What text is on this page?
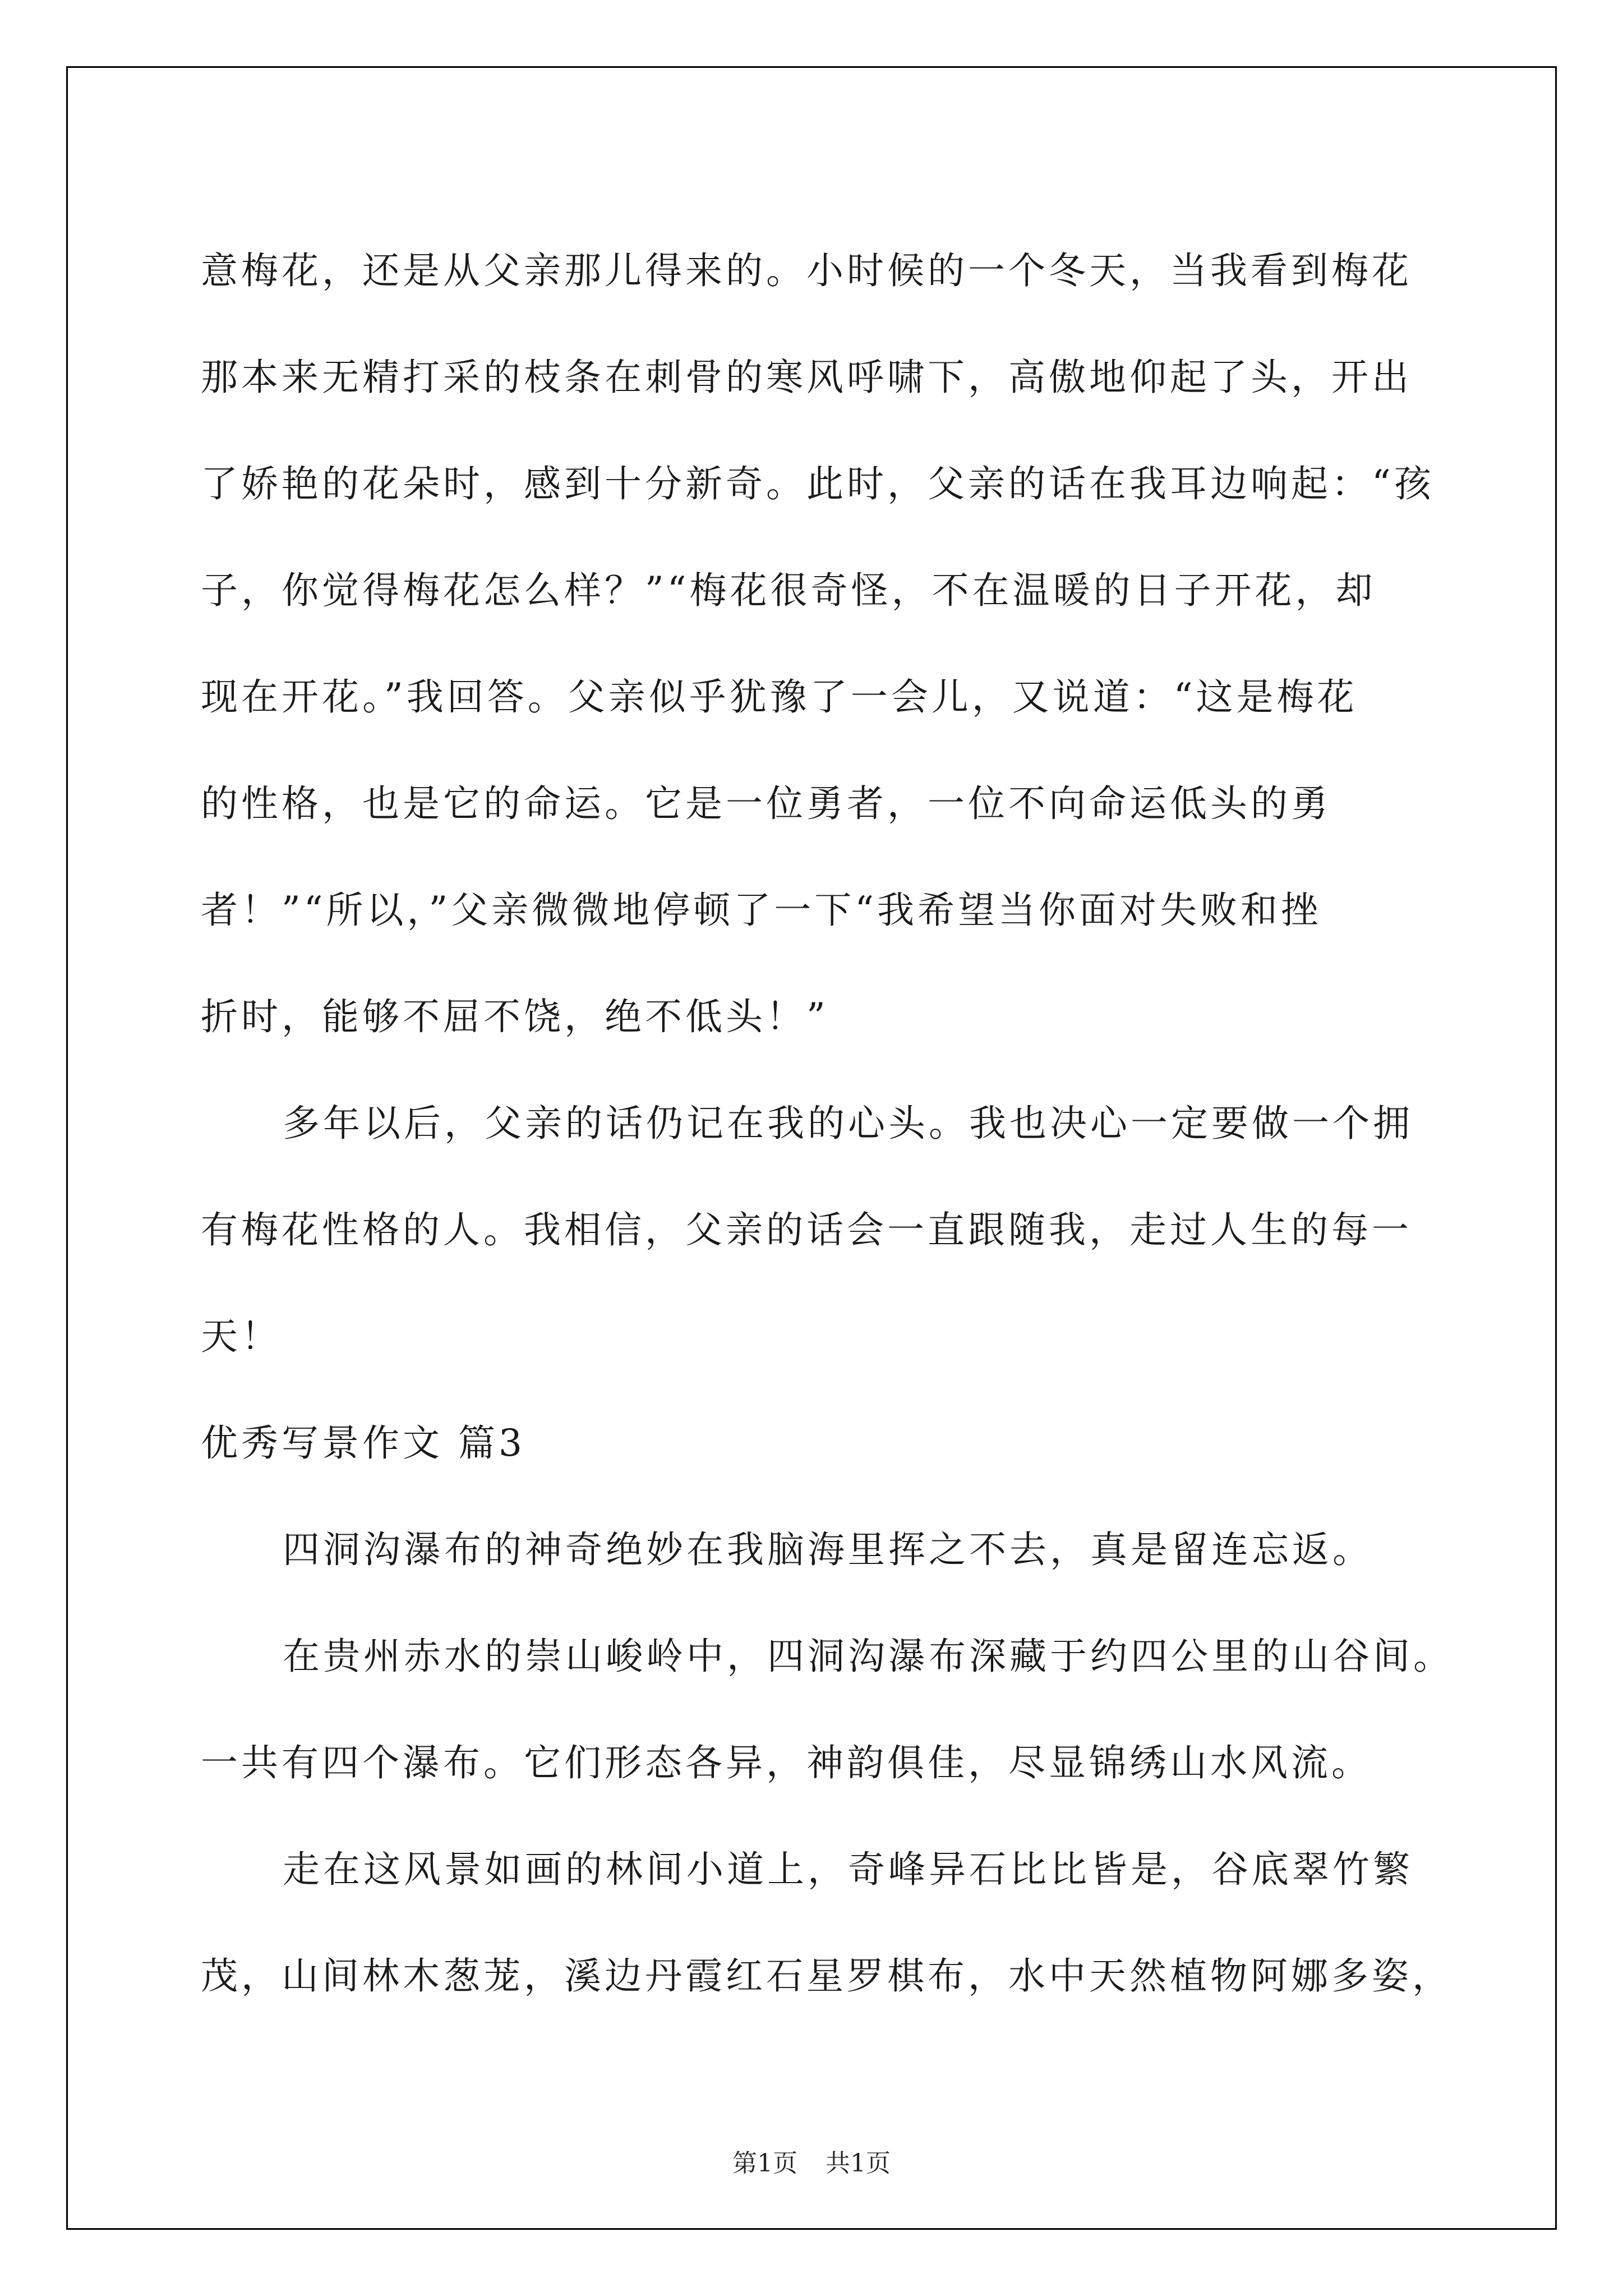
意梅花，还是从父亲那儿得来的。小时候的一个冬天，当我看到梅花
那本来无精打采的枝条在刺骨的寒风呼啸下，高傲地仰起了头，开出
了娇艳的花朵时，感到十分新奇。此时，父亲的话在我耳边响起：“孩
子，你觉得梅花怎么样？”“梅花很奇怪，不在温暖的日子开花，却
现在开花。”我回答。父亲似乎犹豫了一会儿，又说道：“这是梅花
的性格，也是它的命运。它是一位勇者，一位不向命运低头的勇
者！”“所以，”父亲微微地停顿了一下“我希望当你面对失败和挫
折时，能够不屈不饶，绝不低头！”
多年以后，父亲的话仍记在我的心头。我也决心一定要做一个拥
有梅花性格的人。我相信，父亲的话会一直跟随我，走过人生的每一
天！
优秀写景作文 篇3
四洞沟瀑布的神奇绝妙在我脑海里挥之不去，真是留连忘返。
在贵州赤水的崇山峻岭中，四洞沟瀑布深藏于约四公里的山谷间。
一共有四个瀑布。它们形态各异，神韵俱佳，尽显锦绣山水风流。
走在这风景如画的林间小道上，奇峰异石比比皆是，谷底翠竹繁
茂，山间林木葱茏，溪边丹霞红石星罗棋布，水中天然植物阿娜多姿，
第1页 共1页
